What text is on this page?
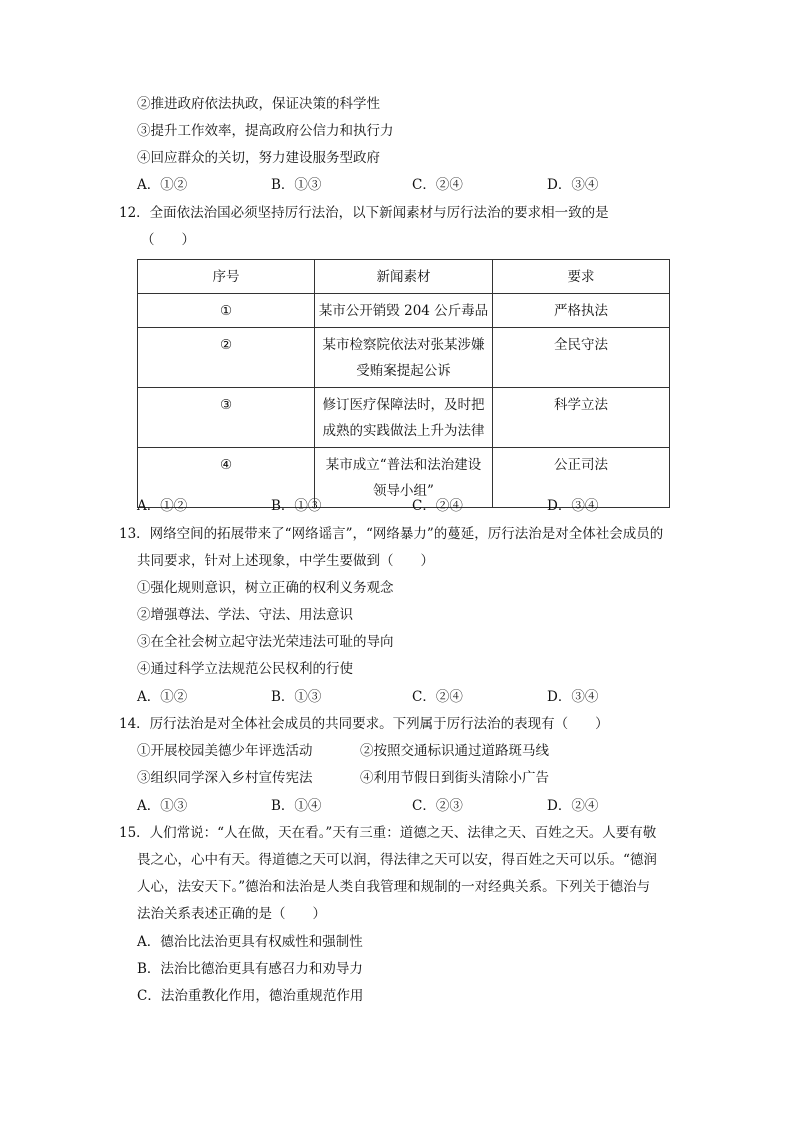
②推进政府依法执政，保证决策的科学性
③提升工作效率，提高政府公信力和执行力
④回应群众的关切，努力建设服务型政府
A．①②	B．①③	C．②④	D．③④
12．全面依法治国必须坚持厉行法治，以下新闻素材与厉行法治的要求相一致的是
（　　）
序号	新闻素材	要求
①	某市公开销毁 204 公斤毒品	严格执法
②	某市检察院依法对张某涉嫌受贿案提起公诉	全民守法
③	修订医疗保障法时，及时把成熟的实践做法上升为法律	科学立法
④	某市成立“普法和法治建设领导小组”	公正司法
A．①②	B．①③	C．②④	D．③④
13．网络空间的拓展带来了“网络谣言”，“网络暴力”的蔓延，厉行法治是对全体社会成员的
共同要求，针对上述现象，中学生要做到（　　）
①强化规则意识，树立正确的权利义务观念
②增强尊法、学法、守法、用法意识
③在全社会树立起守法光荣违法可耻的导向
④通过科学立法规范公民权利的行使
A．①②	B．①③	C．②④	D．③④
14．厉行法治是对全体社会成员的共同要求。下列属于厉行法治的表现有（　　）
①开展校园美德少年评选活动	②按照交通标识通过道路斑马线
③组织同学深入乡村宣传宪法	④利用节假日到街头清除小广告
A．①③	B．①④	C．②③	D．②④
15．人们常说：“人在做，天在看。”天有三重：道德之天、法律之天、百姓之天。人要有敬
畏之心，心中有天。得道德之天可以润，得法律之天可以安，得百姓之天可以乐。“德润
人心，法安天下。”德治和法治是人类自我管理和规制的一对经典关系。下列关于德治与
法治关系表述正确的是（　　）
A．德治比法治更具有权威性和强制性
B．法治比德治更具有感召力和劝导力
C．法治重教化作用，德治重规范作用
